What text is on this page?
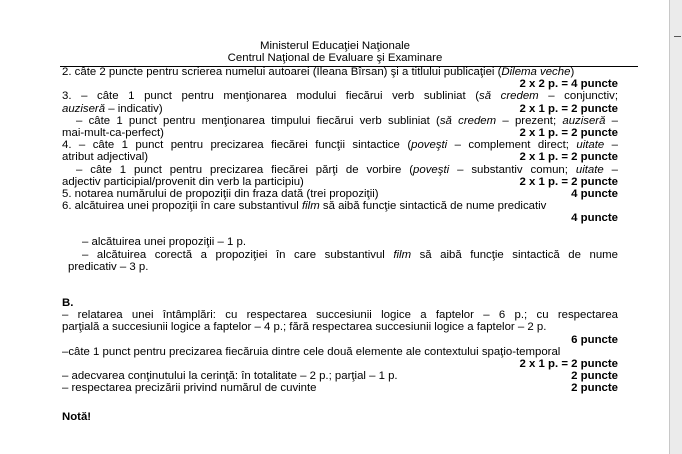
Ministerul Educaţiei Naţionale
Centrul Naţional de Evaluare şi Examinare
2. câte 2 puncte pentru scrierea numelui autoarei (Ileana Bîrsan) şi a titlului publicaţiei (Dilema veche)
2 x 2 p. = 4 puncte
3. – câte 1 punct pentru menţionarea modului fiecărui verb subliniat (să credem – conjunctiv;
auziseră – indicativ)	2 x 1 p. = 2 puncte
– câte 1 punct pentru menţionarea timpului fiecărui verb subliniat (să credem – prezent; auziseră –
mai-mult-ca-perfect)	2 x 1 p. = 2 puncte
4. – câte 1 punct pentru precizarea fiecărei funcţii sintactice (poveşti – complement direct; uitate –
atribut adjectival)	2 x 1 p. = 2 puncte
– câte 1 punct pentru precizarea fiecărei părţi de vorbire (poveşti – substantiv comun; uitate –
adjectiv participial/provenit din verb la participiu)	2 x 1 p. = 2 puncte
5. notarea numărului de propoziţii din fraza dată (trei propoziţii)	4 puncte
6. alcătuirea unei propoziţii în care substantivul film să aibă funcţie sintactică de nume predicativ
4 puncte
– alcătuirea unei propoziţii – 1 p.
– alcătuirea corectă a propoziţiei în care substantivul film să aibă funcţie sintactică de nume
predicativ – 3 p.
B.
– relatarea unei întâmplări: cu respectarea succesiunii logice a faptelor – 6 p.; cu respectarea
parţială a succesiunii logice a faptelor – 4 p.; fără respectarea succesiunii logice a faptelor – 2 p.
6 puncte
–câte 1 punct pentru precizarea fiecăruia dintre cele două elemente ale contextului spaţio-temporal
2 x 1 p. = 2 puncte
– adecvarea conţinutului la cerinţă: în totalitate – 2 p.; parţial – 1 p.	2 puncte
– respectarea precizării privind numărul de cuvinte	2 puncte
Notă!
